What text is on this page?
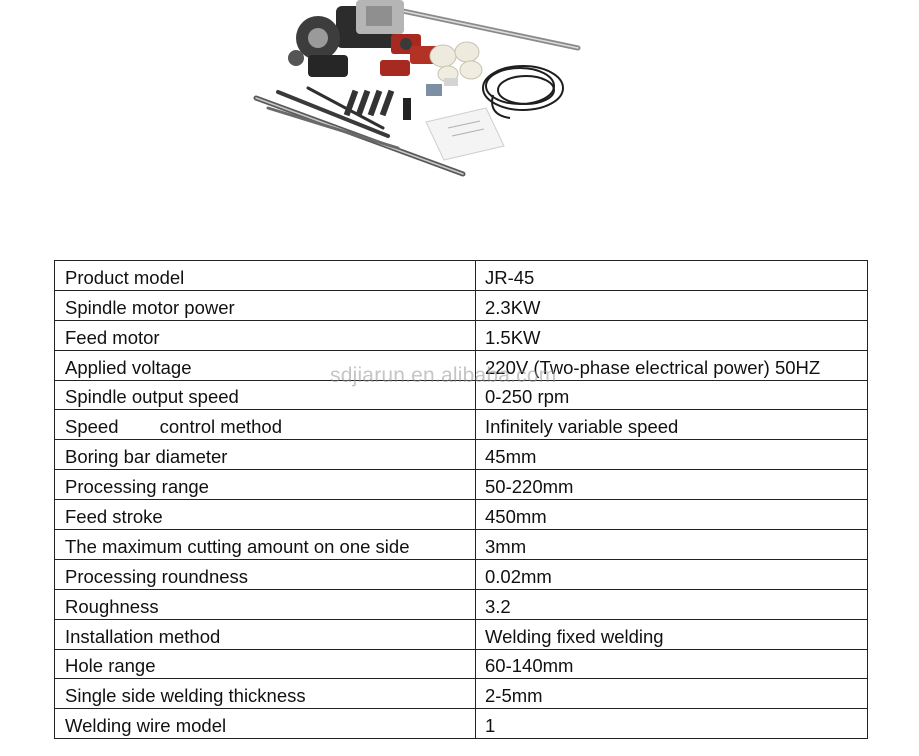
Product model	JR-45
Spindle motor power	2.3KW
Feed motor	1.5KW
Applied voltage	220V (Two-phase electrical power) 50HZ
Spindle output speed	0-250 rpm
Speed        control method	Infinitely variable speed
Boring bar diameter	45mm
Processing range	50-220mm
Feed stroke	450mm
The maximum cutting amount on one side	3mm
Processing roundness	0.02mm
Roughness	3.2
Installation method	Welding fixed welding
Hole range	60-140mm
Single side welding thickness	2-5mm
Welding wire model	1
sdjiarun.en.alibaba.com
